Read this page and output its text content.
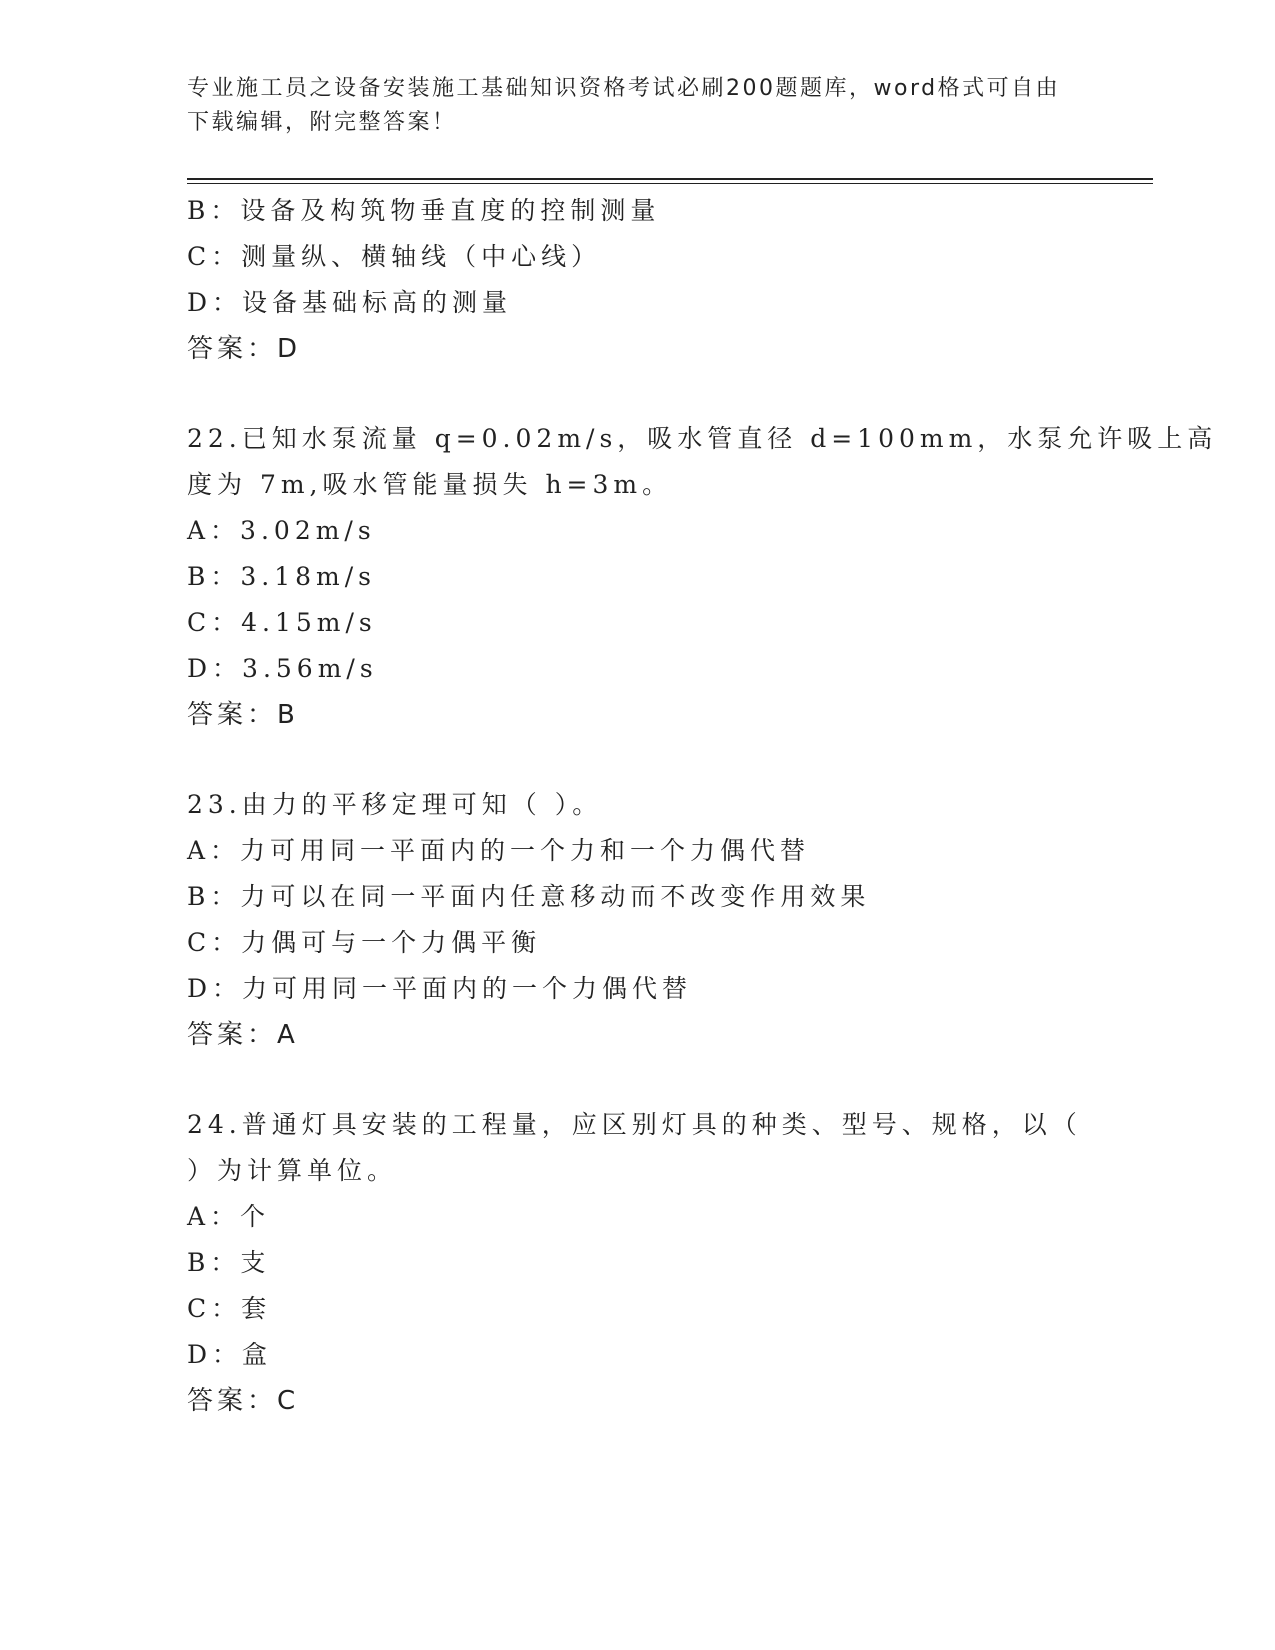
专业施工员之设备安装施工基础知识资格考试必刷200题题库，word格式可自由
下载编辑，附完整答案！
B：设备及构筑物垂直度的控制测量
C：测量纵、横轴线（中心线）
D：设备基础标高的测量
答案：D
22.已知水泵流量 q=0.02m/s，吸水管直径 d=100mm，水泵允许吸上高
度为 7m,吸水管能量损失 h=3m。
A：3.02m/s
B：3.18m/s
C：4.15m/s
D：3.56m/s
答案：B
23.由力的平移定理可知（ ）。
A：力可用同一平面内的一个力和一个力偶代替
B：力可以在同一平面内任意移动而不改变作用效果
C：力偶可与一个力偶平衡
D：力可用同一平面内的一个力偶代替
答案：A
24.普通灯具安装的工程量，应区别灯具的种类、型号、规格，以（
）为计算单位。
A：个
B：支
C：套
D：盒
答案：C
